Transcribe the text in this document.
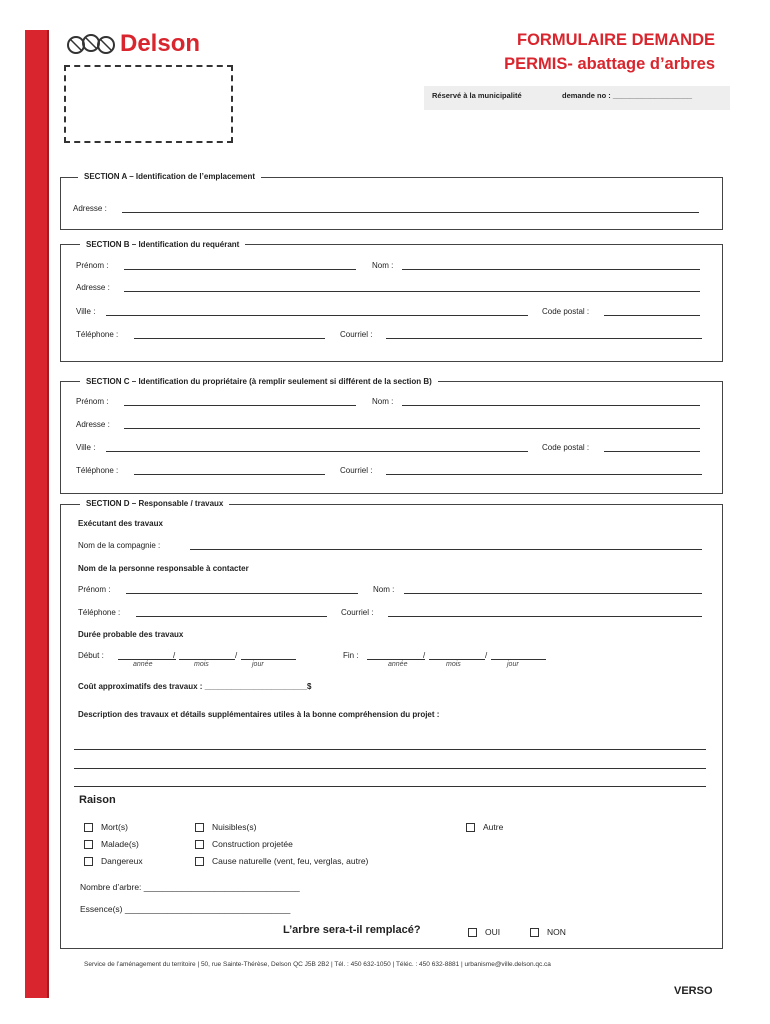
Delson	FORMULAIRE DEMANDE
PERMIS- abattage d’arbres
Réservé à la municipalité	demande no : ___________________
SECTION A – Identification de l’emplacement
Adresse :
SECTION B – Identification du requérant
Prénom :	Nom :
Adresse :
Ville :	Code postal :
Téléphone :	Courriel :
SECTION C – Identification du propriétaire (à remplir seulement si différent de la section B)
Prénom :	Nom :
Adresse :
Ville :	Code postal :
Téléphone :	Courriel :
SECTION D – Responsable / travaux
Exécutant des travaux
Nom de la compagnie :
Nom de la personne responsable à contacter
Prénom :	Nom :
Téléphone :	Courriel :
Durée probable des travaux
Début :	/	/
année	mois	jour
Fin :	/	/
année	mois	jour
Coût approximatifs des travaux : _______________________$
Description des travaux et détails supplémentaires utiles à la bonne compréhension du projet :
Raison
Mort(s)	Nuisibles(s)	Autre
Malade(s)	Construction projetée
Dangereux	Cause naturelle (vent, feu, verglas, autre)
Nombre d’arbre: _________________________________
Essence(s) ___________________________________
L’arbre sera-t-il remplacé?	OUI	NON
Service de l’aménagement du territoire | 50, rue Sainte-Thérèse, Delson QC J5B 2B2 | Tél. : 450 632-1050 | Téléc. : 450 632-8881 | urbanisme@ville.delson.qc.ca
VERSO
